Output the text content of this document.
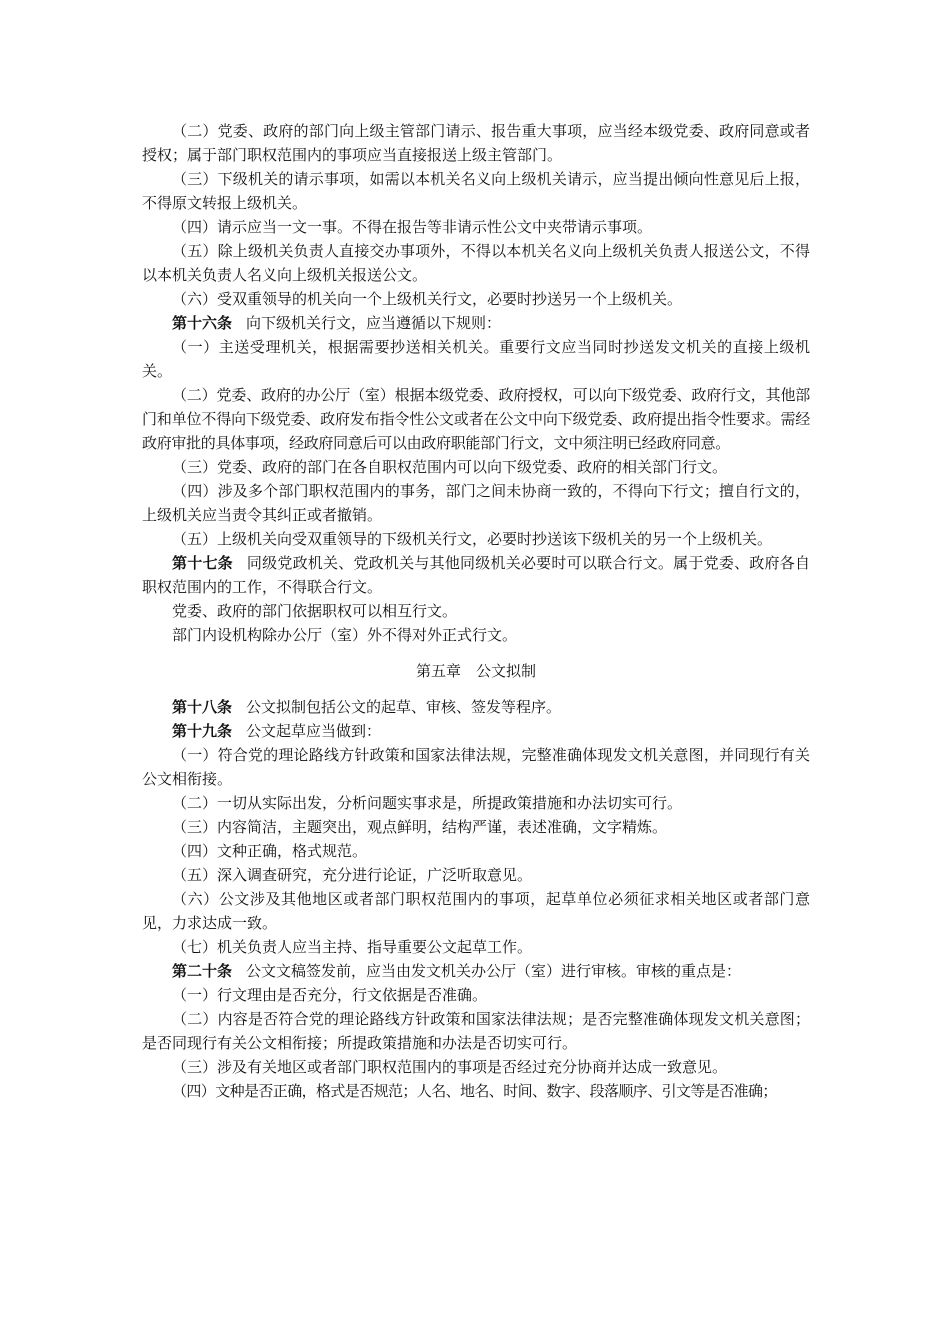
（二）党委、政府的部门向上级主管部门请示、报告重大事项，应当经本级党委、政府同意或者授权；属于部门职权范围内的事项应当直接报送上级主管部门。

（三）下级机关的请示事项，如需以本机关名义向上级机关请示，应当提出倾向性意见后上报，不得原文转报上级机关。

（四）请示应当一文一事。不得在报告等非请示性公文中夹带请示事项。

（五）除上级机关负责人直接交办事项外，不得以本机关名义向上级机关负责人报送公文，不得以本机关负责人名义向上级机关报送公文。

（六）受双重领导的机关向一个上级机关行文，必要时抄送另一个上级机关。

第十六条 向下级机关行文，应当遵循以下规则：

（一）主送受理机关，根据需要抄送相关机关。重要行文应当同时抄送发文机关的直接上级机关。

（二）党委、政府的办公厅（室）根据本级党委、政府授权，可以向下级党委、政府行文，其他部门和单位不得向下级党委、政府发布指令性公文或者在公文中向下级党委、政府提出指令性要求。需经政府审批的具体事项，经政府同意后可以由政府职能部门行文，文中须注明已经政府同意。

（三）党委、政府的部门在各自职权范围内可以向下级党委、政府的相关部门行文。

（四）涉及多个部门职权范围内的事务，部门之间未协商一致的，不得向下行文；擅自行文的，上级机关应当责令其纠正或者撤销。

（五）上级机关向受双重领导的下级机关行文，必要时抄送该下级机关的另一个上级机关。

第十七条 同级党政机关、党政机关与其他同级机关必要时可以联合行文。属于党委、政府各自职权范围内的工作，不得联合行文。

党委、政府的部门依据职权可以相互行文。

部门内设机构除办公厅（室）外不得对外正式行文。

第五章　公文拟制

第十八条 公文拟制包括公文的起草、审核、签发等程序。

第十九条 公文起草应当做到：

（一）符合党的理论路线方针政策和国家法律法规，完整准确体现发文机关意图，并同现行有关公文相衔接。

（二）一切从实际出发，分析问题实事求是，所提政策措施和办法切实可行。

（三）内容简洁，主题突出，观点鲜明，结构严谨，表述准确，文字精炼。

（四）文种正确，格式规范。

（五）深入调查研究，充分进行论证，广泛听取意见。

（六）公文涉及其他地区或者部门职权范围内的事项，起草单位必须征求相关地区或者部门意见，力求达成一致。

（七）机关负责人应当主持、指导重要公文起草工作。

第二十条 公文文稿签发前，应当由发文机关办公厅（室）进行审核。审核的重点是：

（一）行文理由是否充分，行文依据是否准确。

（二）内容是否符合党的理论路线方针政策和国家法律法规；是否完整准确体现发文机关意图；是否同现行有关公文相衔接；所提政策措施和办法是否切实可行。

（三）涉及有关地区或者部门职权范围内的事项是否经过充分协商并达成一致意见。

（四）文种是否正确，格式是否规范；人名、地名、时间、数字、段落顺序、引文等是否准确；
